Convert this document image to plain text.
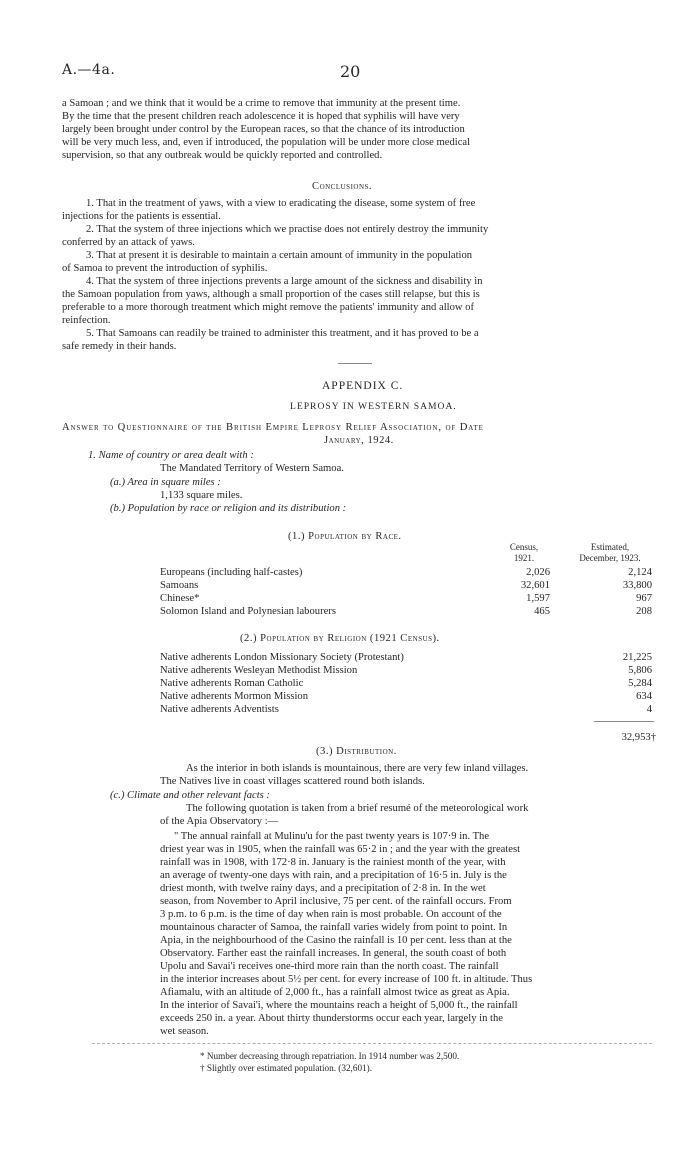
A.—4a.	20
a Samoan ; and we think that it would be a crime to remove that immunity at the present time.
By the time that the present children reach adolescence it is hoped that syphilis will have very
largely been brought under control by the European races, so that the chance of its introduction
will be very much less, and, even if introduced, the population will be under more close medical
supervision, so that any outbreak would be quickly reported and controlled.
Conclusions.
1. That in the treatment of yaws, with a view to eradicating the disease, some system of free
injections for the patients is essential.
2. That the system of three injections which we practise does not entirely destroy the immunity
conferred by an attack of yaws.
3. That at present it is desirable to maintain a certain amount of immunity in the population
of Samoa to prevent the introduction of syphilis.
4. That the system of three injections prevents a large amount of the sickness and disability in
the Samoan population from yaws, although a small proportion of the cases still relapse, but this is
preferable to a more thorough treatment which might remove the patients' immunity and allow of
reinfection.
5. That Samoans can readily be trained to administer this treatment, and it has proved to be a
safe remedy in their hands.
APPENDIX C.
LEPROSY IN WESTERN SAMOA.
Answer to Questionnaire of the British Empire Leprosy Relief Association, of Date
January, 1924.
1. Name of country or area dealt with :
The Mandated Territory of Western Samoa.
(a.) Area in square miles :
1,133 square miles.
(b.) Population by race or religion and its distribution :
(1.) Population by Race.
Census,
1921.
Estimated,
December, 1923.
Europeans (including half-castes)	2,026	2,124
Samoans	32,601	33,800
Chinese*	1,597	967
Solomon Island and Polynesian labourers	465	208
(2.) Population by Religion (1921 Census).
Native adherents London Missionary Society (Protestant)	21,225
Native adherents Wesleyan Methodist Mission	5,806
Native adherents Roman Catholic	5,284
Native adherents Mormon Mission	634
Native adherents Adventists	4
32,953†
(3.) Distribution.
As the interior in both islands is mountainous, there are very few inland villages.
The Natives live in coast villages scattered round both islands.
(c.) Climate and other relevant facts :
The following quotation is taken from a brief resumé of the meteorological work
of the Apia Observatory :—
" The annual rainfall at Mulinu'u for the past twenty years is 107·9 in. The
driest year was in 1905, when the rainfall was 65·2 in ; and the year with the greatest
rainfall was in 1908, with 172·8 in. January is the rainiest month of the year, with
an average of twenty-one days with rain, and a precipitation of 16·5 in. July is the
driest month, with twelve rainy days, and a precipitation of 2·8 in. In the wet
season, from November to April inclusive, 75 per cent. of the rainfall occurs. From
3 p.m. to 6 p.m. is the time of day when rain is most probable. On account of the
mountainous character of Samoa, the rainfall varies widely from point to point. In
Apia, in the neighbourhood of the Casino the rainfall is 10 per cent. less than at the
Observatory. Farther east the rainfall increases. In general, the south coast of both
Upolu and Savai'i receives one-third more rain than the north coast. The rainfall
in the interior increases about 5½ per cent. for every increase of 100 ft. in altitude. Thus
Afiamalu, with an altitude of 2,000 ft., has a rainfall almost twice as great as Apia.
In the interior of Savai'i, where the mountains reach a height of 5,000 ft., the rainfall
exceeds 250 in. a year. About thirty thunderstorms occur each year, largely in the
wet season.
* Number decreasing through repatriation. In 1914 number was 2,500.
† Slightly over estimated population. (32,601).
